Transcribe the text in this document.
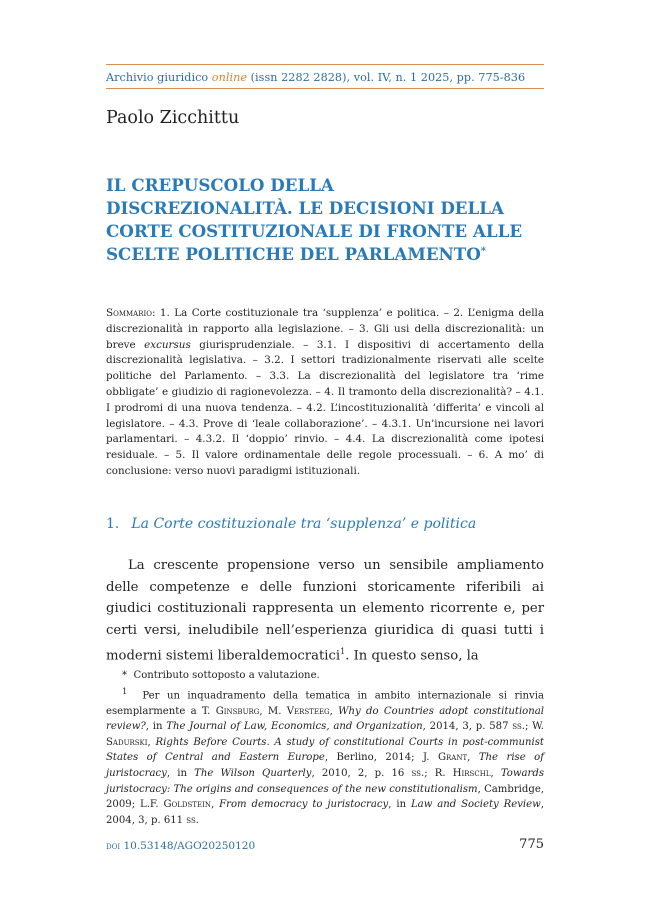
Archivio giuridico online (issn 2282 2828), vol. IV, n. 1 2025, pp. 775-836
Paolo Zicchittu
IL CREPUSCOLO DELLA DISCREZIONALITÀ. LE DECISIONI DELLA CORTE COSTITUZIONALE DI FRONTE ALLE SCELTE POLITICHE DEL PARLAMENTO*
Sommario: 1. La Corte costituzionale tra ‘supplenza’ e politica. – 2. L’enigma della discrezionalità in rapporto alla legislazione. – 3. Gli usi della discrezionalità: un breve excursus giurisprudenziale. – 3.1. I dispositivi di accertamento della discrezionalità legislativa. – 3.2. I settori tradizionalmente riservati alle scelte politiche del Parlamento. – 3.3. La discrezionalità del legislatore tra ‘rime obbligate’ e giudizio di ragionevolezza. – 4. Il tramonto della discrezionalità? – 4.1. I prodromi di una nuova tendenza. – 4.2. L’incostituzionalità ‘differita’ e vincoli al legislatore. – 4.3. Prove di ‘leale collaborazione’. – 4.3.1. Un’incursione nei lavori parlamentari. – 4.3.2. Il ‘doppio’ rinvio. – 4.4. La discrezionalità come ipotesi residuale. – 5. Il valore ordinamentale delle regole processuali. – 6. A mo’ di conclusione: verso nuovi paradigmi istituzionali.
1. La Corte costituzionale tra ‘supplenza’ e politica

La crescente propensione verso un sensibile ampliamento delle competenze e delle funzioni storicamente riferibili ai giudici costituzionali rappresenta un elemento ricorrente e, per certi versi, ineludibile nell’esperienza giuridica di quasi tutti i moderni sistemi liberaldemocratici$^1$. In questo senso, la

* Contributo sottoposto a valutazione.

$^1$ Per un inquadramento della tematica in ambito internazionale si rinvia esemplarmente a T. Ginsburg, M. Versteeg, Why do Countries adopt constitutional review?, in The Journal of Law, Economics, and Organization, 2014, 3, p. 587 ss.; W. Sadurski, Rights Before Courts. A study of constitutional Courts in post-communist States of Central and Eastern Europe, Berlino, 2014; J. Grant, The rise of juristocracy, in The Wilson Quarterly, 2010, 2, p. 16 ss.; R. Hirschl, Towards juristocracy: The origins and consequences of the new constitutionalism, Cambridge, 2009; L.F. Goldstein, From democracy to juristocracy, in Law and Society Review, 2004, 3, p. 611 ss.

doi 10.53148/AGO20250120	775
